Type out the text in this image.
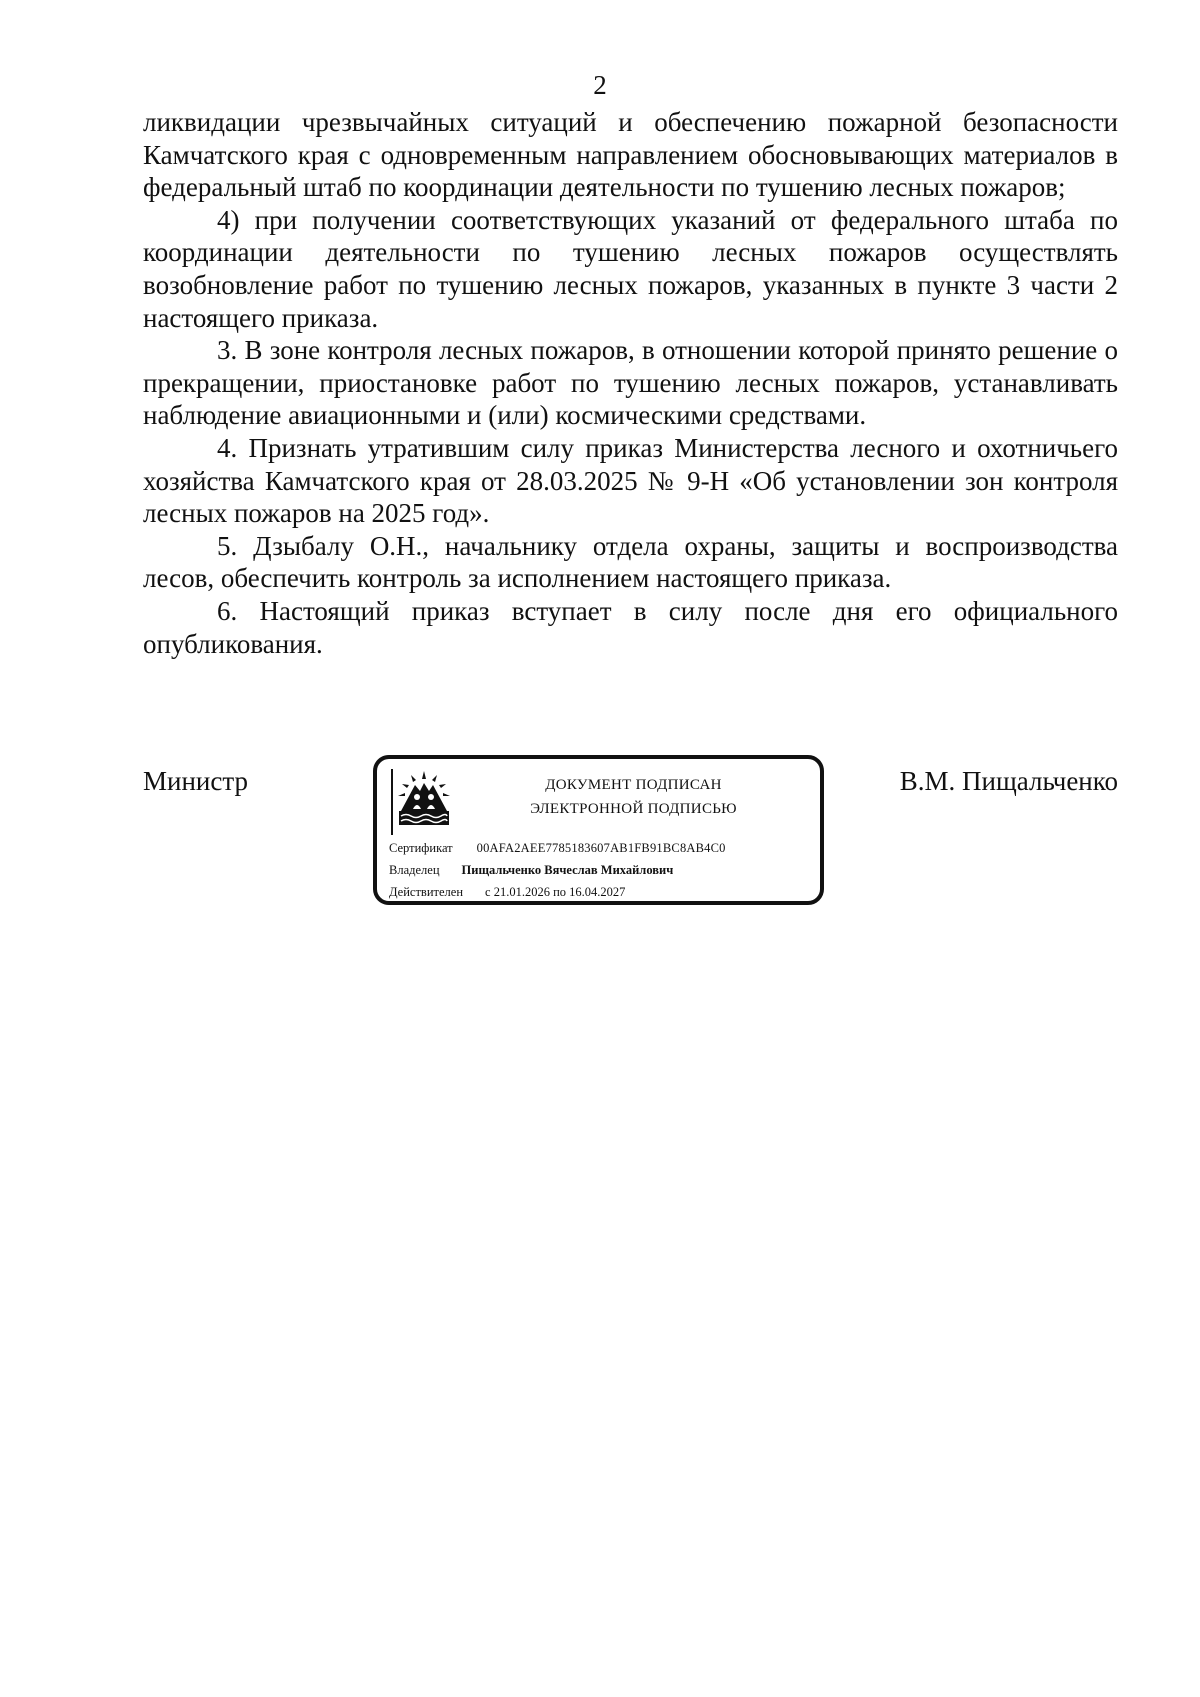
2

ликвидации чрезвычайных ситуаций и обеспечению пожарной безопасности Камчатского края с одновременным направлением обосновывающих материалов в федеральный штаб по координации деятельности по тушению лесных пожаров;

4) при получении соответствующих указаний от федерального штаба по координации деятельности по тушению лесных пожаров осуществлять возобновление работ по тушению лесных пожаров, указанных в пункте 3 части 2 настоящего приказа.

3. В зоне контроля лесных пожаров, в отношении которой принято решение о прекращении, приостановке работ по тушению лесных пожаров, устанавливать наблюдение авиационными и (или) космическими средствами.

4. Признать утратившим силу приказ Министерства лесного и охотничьего хозяйства Камчатского края от 28.03.2025 № 9-Н «Об установлении зон контроля лесных пожаров на 2025 год».

5. Дзыбалу О.Н., начальнику отдела охраны, защиты и воспроизводства лесов, обеспечить контроль за исполнением настоящего приказа.

6. Настоящий приказ вступает в силу после дня его официального опубликования.

Министр	ДОКУМЕНТ ПОДПИСАН
ЭЛЕКТРОННОЙ ПОДПИСЬЮ
Сертификат 00AFA2AEE7785183607AB1FB91BC8AB4C0
Владелец Пищальченко Вячеслав Михайлович
Действителен с 21.01.2026 по 16.04.2027
В.М. Пищальченко
